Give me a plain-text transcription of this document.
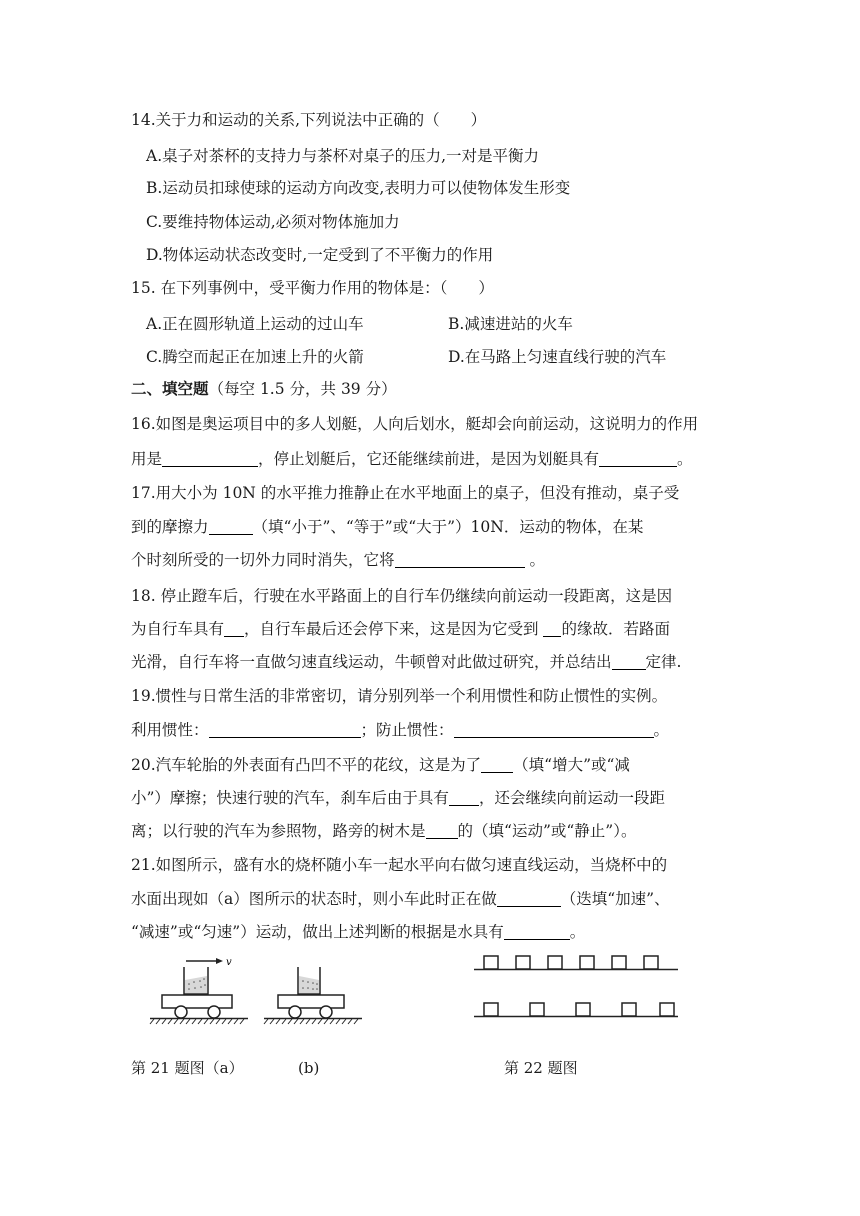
14.关于力和运动的关系,下列说法中正确的（　　）
A.桌子对茶杯的支持力与茶杯对桌子的压力,一对是平衡力
B.运动员扣球使球的运动方向改变,表明力可以使物体发生形变
C.要维持物体运动,必须对物体施加力
D.物体运动状态改变时,一定受到了不平衡力的作用
15. 在下列事例中，受平衡力作用的物体是：（　　）
A.正在圆形轨道上运动的过山车	B.减速进站的火车
C.腾空而起正在加速上升的火箭	D.在马路上匀速直线行驶的汽车
二、填空题（每空 1.5 分，共 39 分）
16.如图是奥运项目中的多人划艇，人向后划水，艇却会向前运动，这说明力的作用
用是	，停止划艇后，它还能继续前进，是因为划艇具有	。
17.用大小为 10N 的水平推力推静止在水平地面上的桌子，但没有推动，桌子受
到的摩擦力	（填“小于”、“等于”或“大于”）10N．运动的物体，在某
个时刻所受的一切外力同时消失，它将	。
18. 停止蹬车后，行驶在水平路面上的自行车仍继续向前运动一段距离，这是因
为自行车具有 ，自行车最后还会停下来，这是因为它受到 的缘故．若路面
光滑，自行车将一直做匀速直线运动，牛顿曾对此做过研究，并总结出 定律.
19.惯性与日常生活的非常密切，请分别列举一个利用惯性和防止惯性的实例。
利用惯性：	；防止惯性：	。
20.汽车轮胎的外表面有凸凹不平的花纹，这是为了 （填“增大”或“减
小”）摩擦；快速行驶的汽车，刹车后由于具有 ，还会继续向前运动一段距
离；以行驶的汽车为参照物，路旁的树木是 的（填“运动”或“静止”）。
21.如图所示，盛有水的烧杯随小车一起水平向右做匀速直线运动，当烧杯中的
水面出现如（a）图所示的状态时，则小车此时正在做	（迭填“加速”、
“减速”或“匀速”）运动，做出上述判断的根据是水具有	。
v
第 21 题图（a）	(b)	第 22 题图
